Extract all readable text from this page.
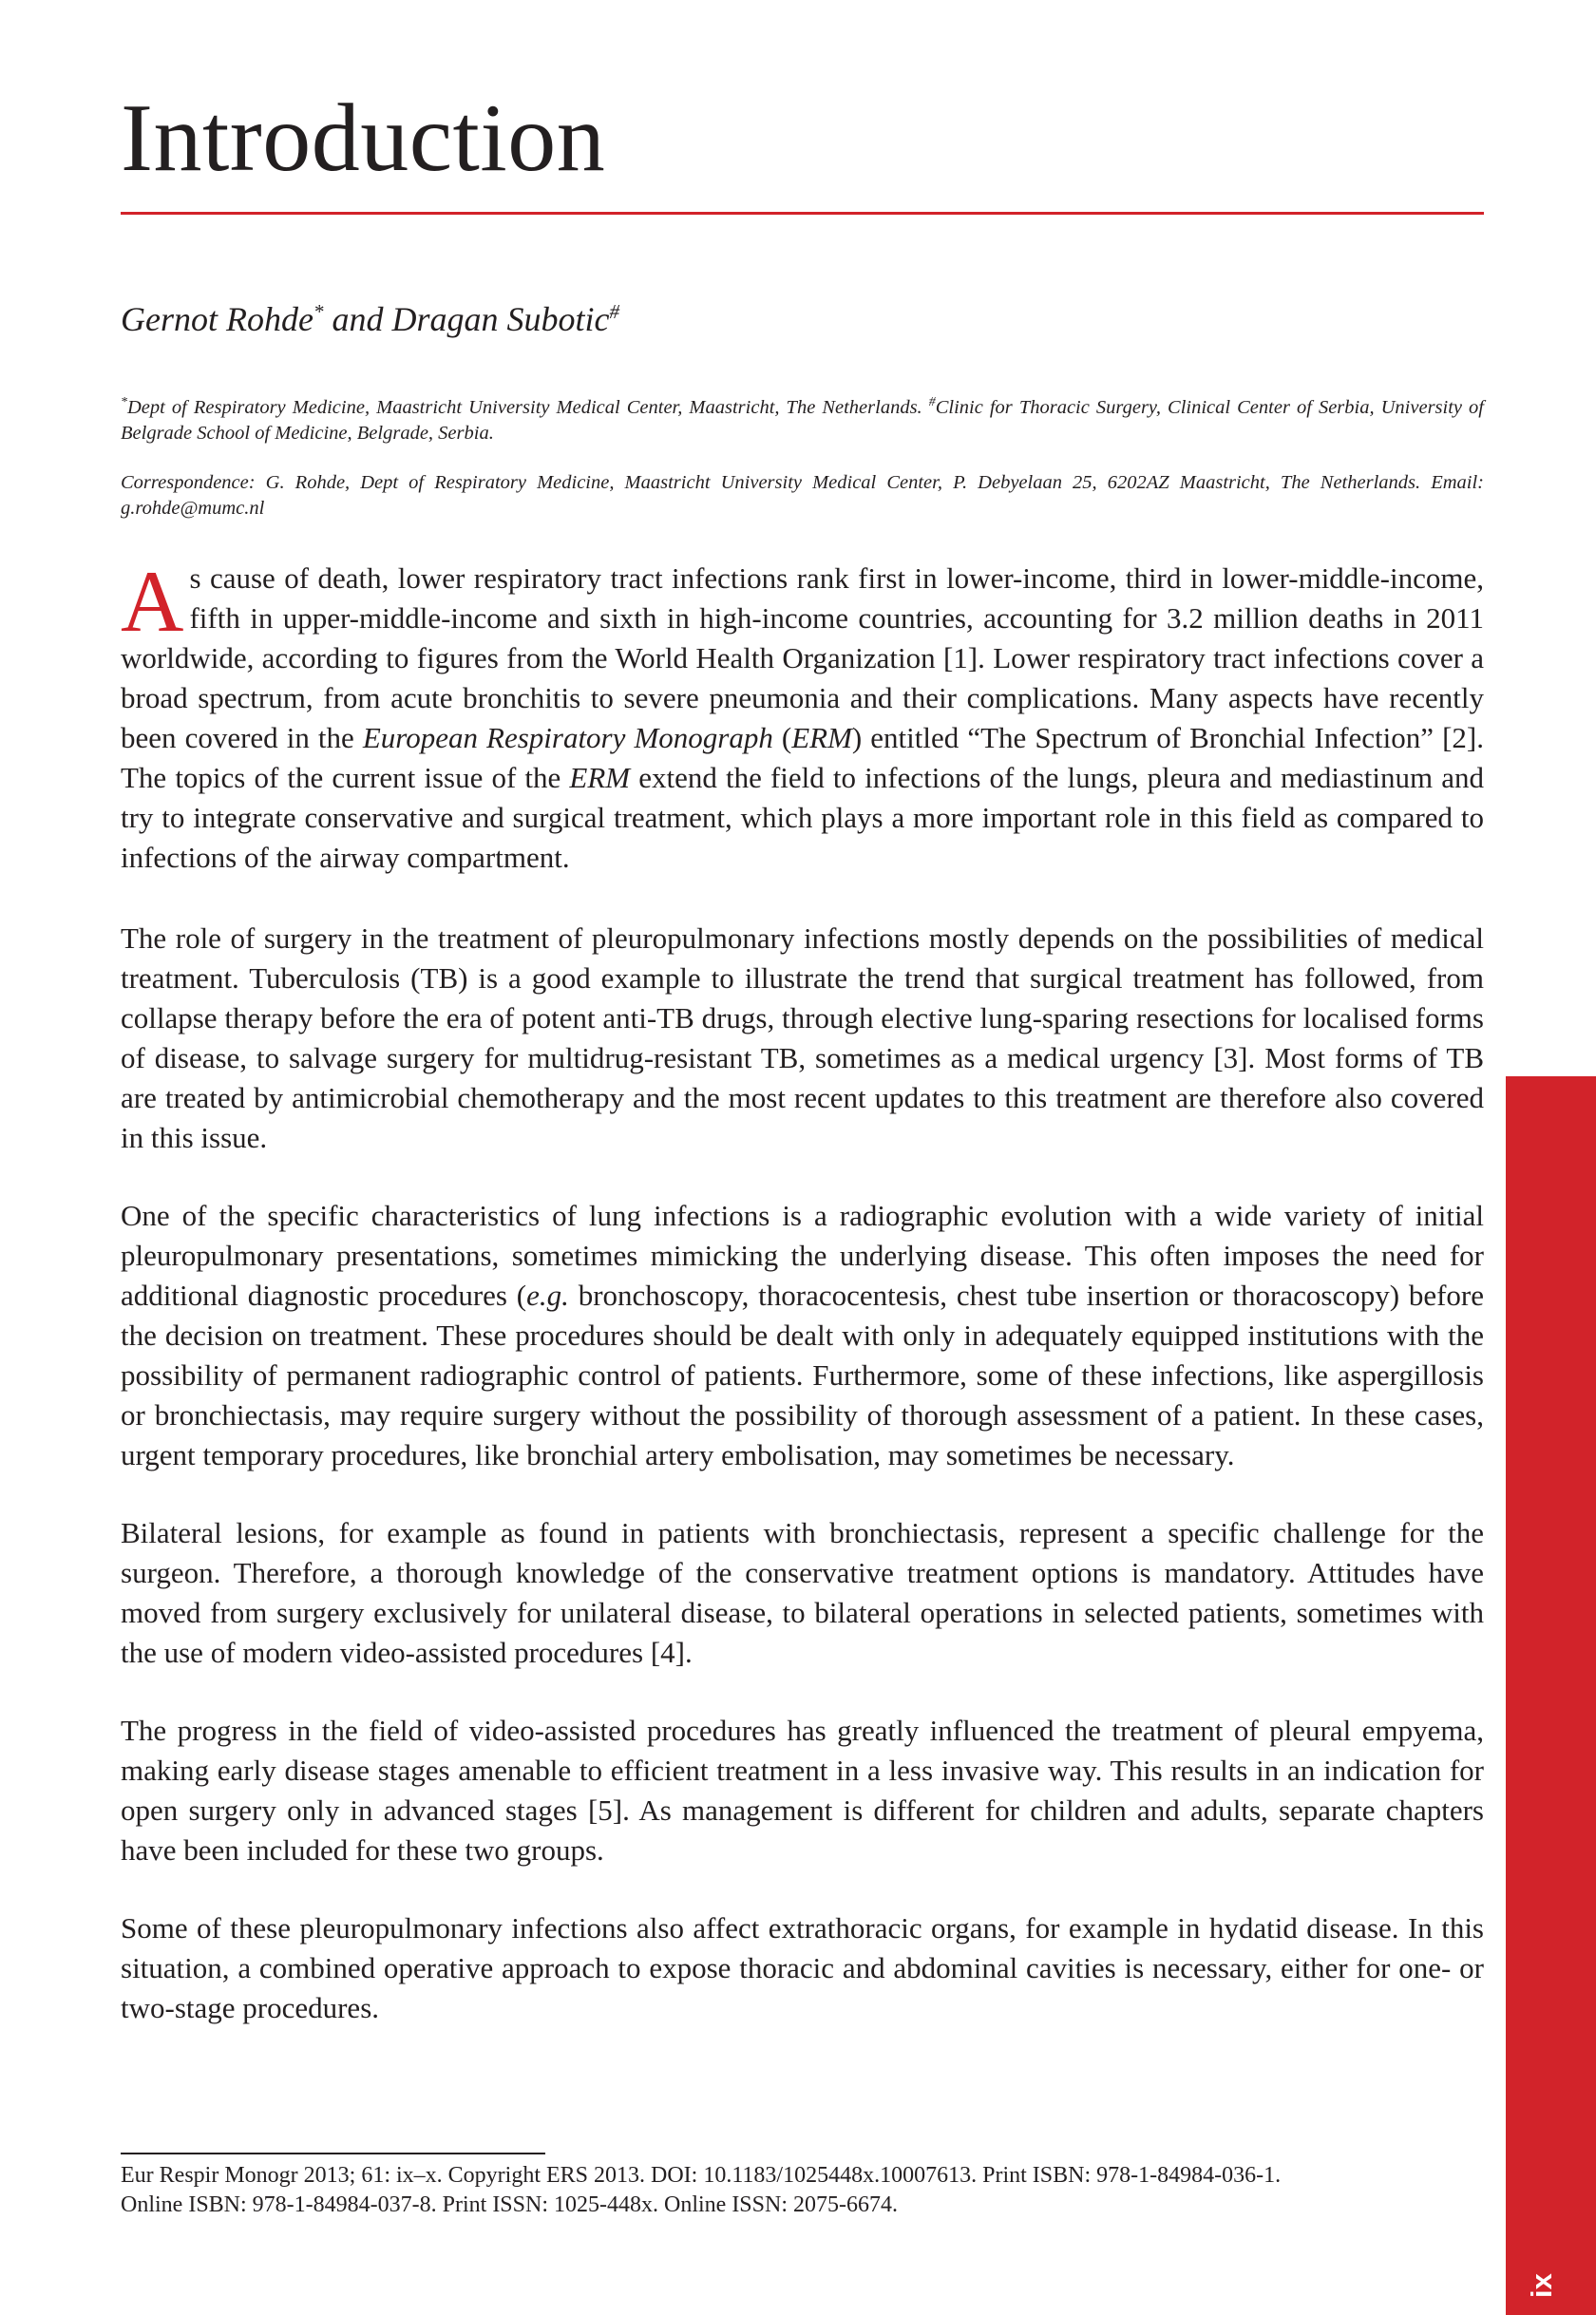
Introduction
Gernot Rohde* and Dragan Subotic#
*Dept of Respiratory Medicine, Maastricht University Medical Center, Maastricht, The Netherlands. #Clinic for Thoracic Surgery, Clinical Center of Serbia, University of Belgrade School of Medicine, Belgrade, Serbia.
Correspondence: G. Rohde, Dept of Respiratory Medicine, Maastricht University Medical Center, P. Debyelaan 25, 6202AZ Maastricht, The Netherlands. Email: g.rohde@mumc.nl

As cause of death, lower respiratory tract infections rank first in lower-income, third in lower-middle-income, fifth in upper-middle-income and sixth in high-income countries, accounting for 3.2 million deaths in 2011 worldwide, according to figures from the World Health Organization [1]. Lower respiratory tract infections cover a broad spectrum, from acute bronchitis to severe pneumonia and their complications. Many aspects have recently been covered in the European Respiratory Monograph (ERM) entitled “The Spectrum of Bronchial Infection” [2]. The topics of the current issue of the ERM extend the field to infections of the lungs, pleura and mediastinum and try to integrate conservative and surgical treatment, which plays a more important role in this field as compared to infections of the airway compartment.

The role of surgery in the treatment of pleuropulmonary infections mostly depends on the possibilities of medical treatment. Tuberculosis (TB) is a good example to illustrate the trend that surgical treatment has followed, from collapse therapy before the era of potent anti-TB drugs, through elective lung-sparing resections for localised forms of disease, to salvage surgery for multidrug-resistant TB, sometimes as a medical urgency [3]. Most forms of TB are treated by antimicrobial chemotherapy and the most recent updates to this treatment are therefore also covered in this issue.

One of the specific characteristics of lung infections is a radiographic evolution with a wide variety of initial pleuropulmonary presentations, sometimes mimicking the underlying disease. This often imposes the need for additional diagnostic procedures (e.g. bronchoscopy, thoracocentesis, chest tube insertion or thoracoscopy) before the decision on treatment. These procedures should be dealt with only in adequately equipped institutions with the possibility of permanent radiographic control of patients. Furthermore, some of these infections, like aspergillosis or bronchiectasis, may require surgery without the possibility of thorough assessment of a patient. In these cases, urgent temporary procedures, like bronchial artery embolisation, may sometimes be necessary.

Bilateral lesions, for example as found in patients with bronchiectasis, represent a specific challenge for the surgeon. Therefore, a thorough knowledge of the conservative treatment options is mandatory. Attitudes have moved from surgery exclusively for unilateral disease, to bilateral operations in selected patients, sometimes with the use of modern video-assisted procedures [4].

The progress in the field of video-assisted procedures has greatly influenced the treatment of pleural empyema, making early disease stages amenable to efficient treatment in a less invasive way. This results in an indication for open surgery only in advanced stages [5]. As management is different for children and adults, separate chapters have been included for these two groups.

Some of these pleuropulmonary infections also affect extrathoracic organs, for example in hydatid disease. In this situation, a combined operative approach to expose thoracic and abdominal cavities is necessary, either for one- or two-stage procedures.

Eur Respir Monogr 2013; 61: ix–x. Copyright ERS 2013. DOI: 10.1183/1025448x.10007613. Print ISBN: 978-1-84984-036-1.
Online ISBN: 978-1-84984-037-8. Print ISSN: 1025-448x. Online ISSN: 2075-6674.
ix
